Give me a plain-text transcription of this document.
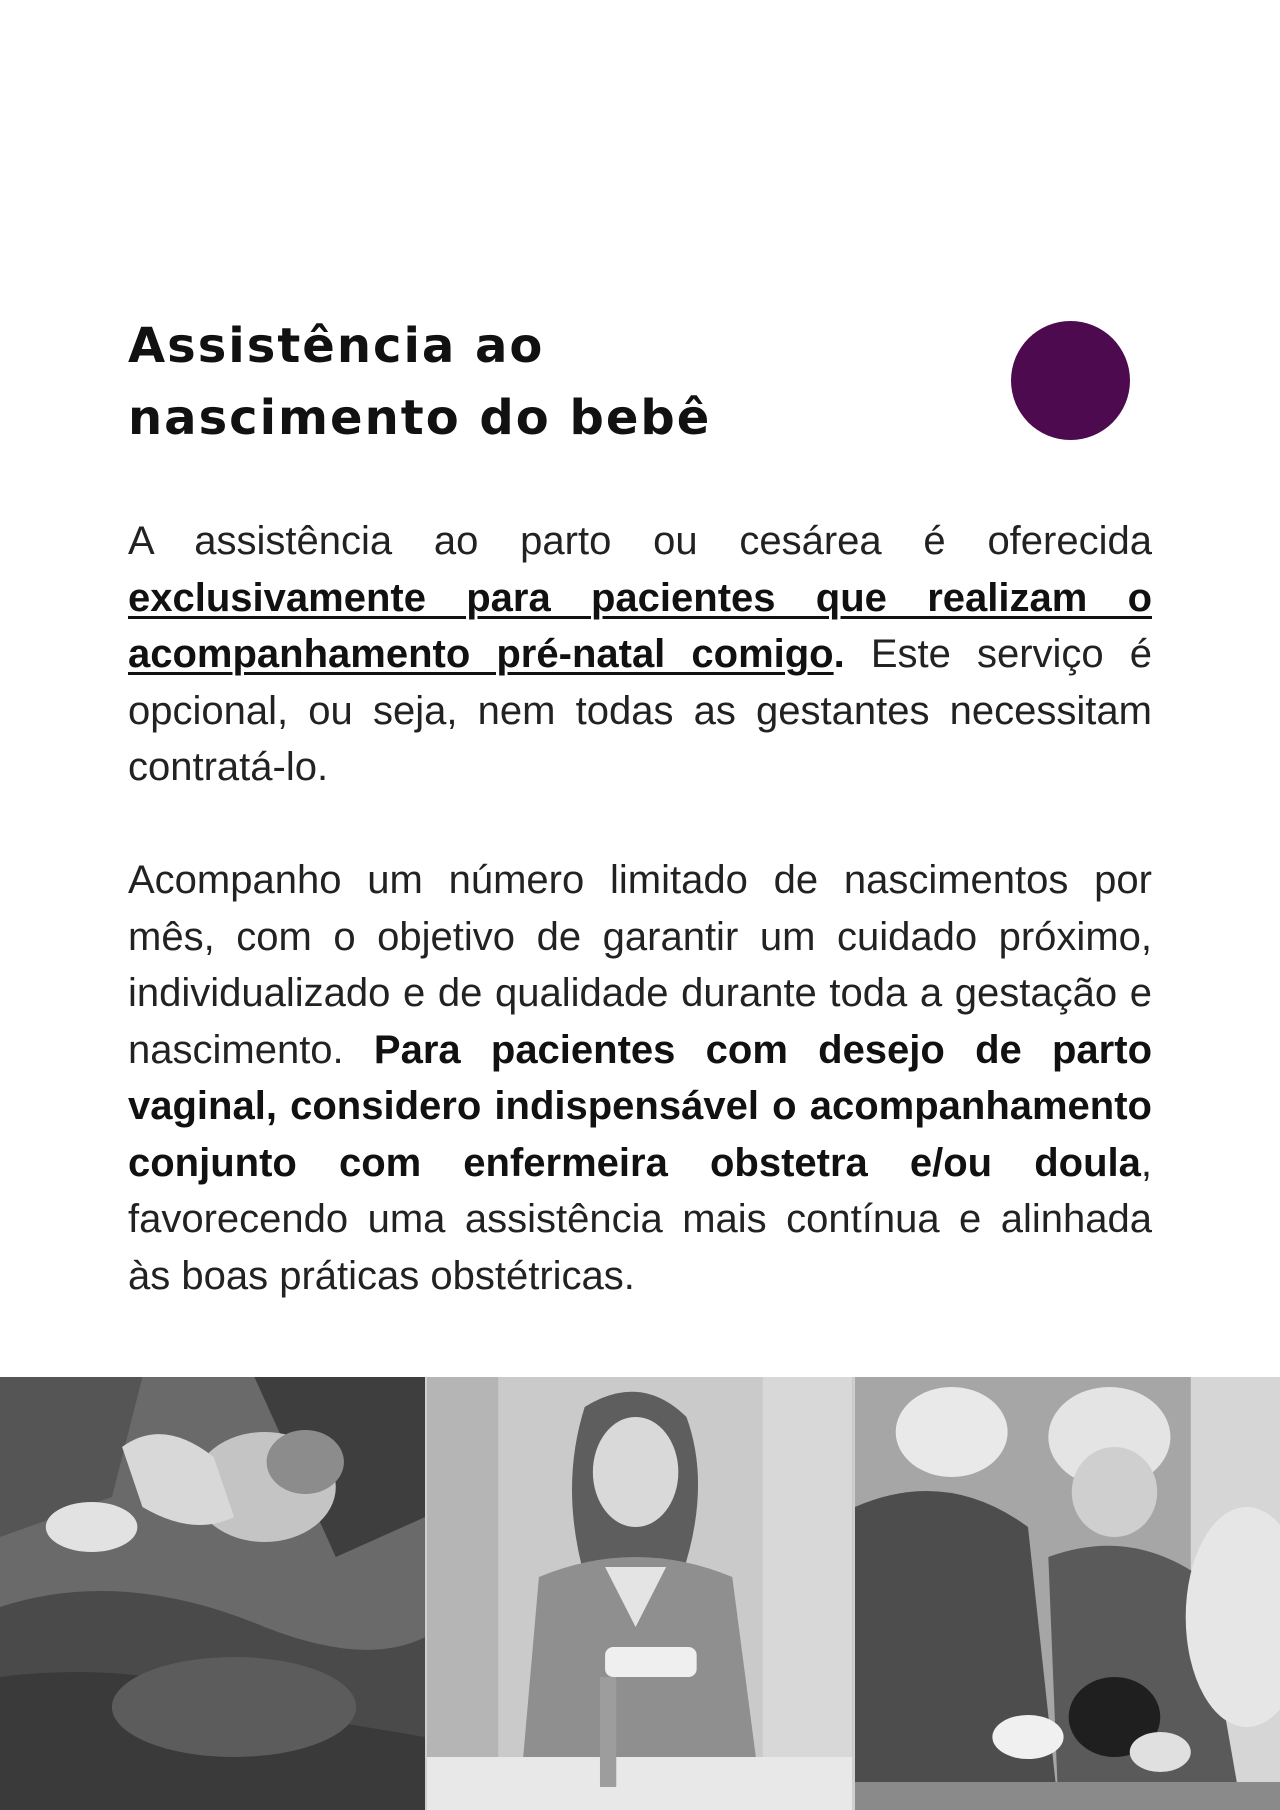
Assistência ao
nascimento do bebê

A assistência ao parto ou cesárea é oferecida exclusivamente para pacientes que realizam o acompanhamento pré-natal comigo. Este serviço é opcional, ou seja, nem todas as gestantes necessitam contratá-lo.

Acompanho um número limitado de nascimentos por mês, com o objetivo de garantir um cuidado próximo, individualizado e de qualidade durante toda a gestação e nascimento. Para pacientes com desejo de parto vaginal, considero indispensável o acompanhamento conjunto com enfermeira obstetra e/ou doula, favorecendo uma assistência mais contínua e alinhada às boas práticas obstétricas.
